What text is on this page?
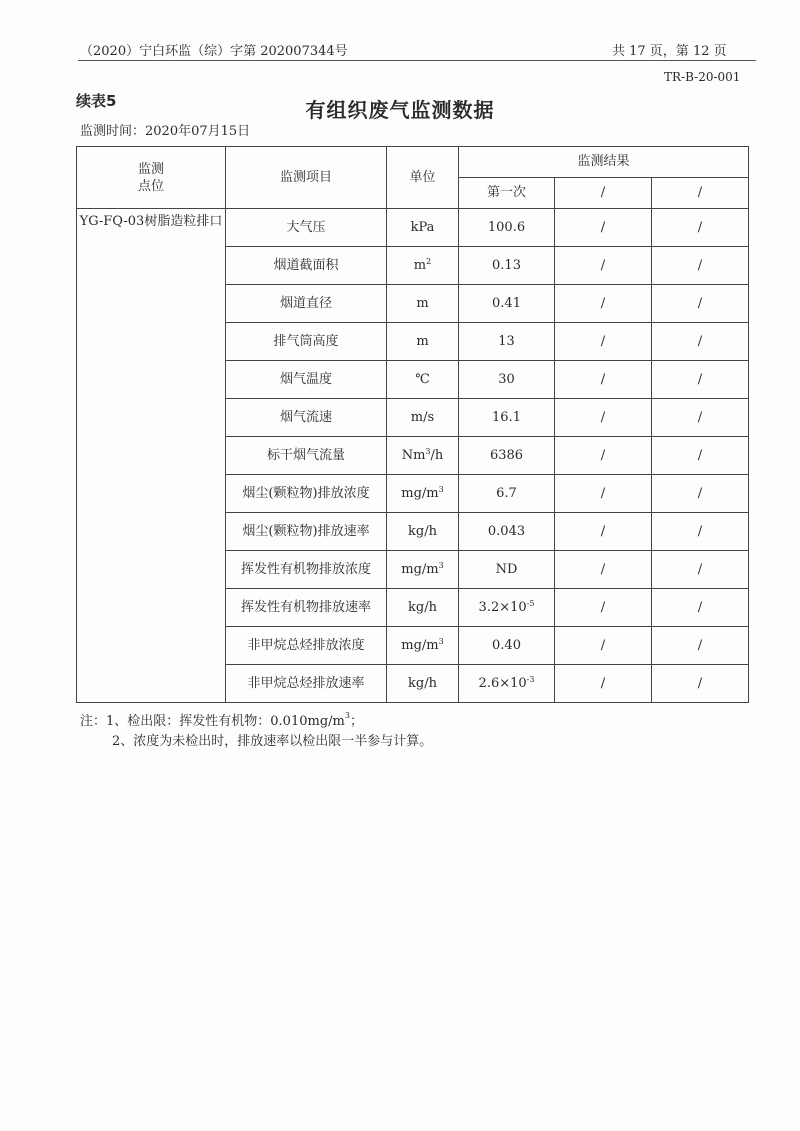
（2020）宁白环监（综）字第 202007344号	共 17 页，第 12 页
TR-B-20-001
续表5	有组织废气监测数据
监测时间：2020年07月15日
监测
点位	监测项目	单位	监测结果		
			第一次	/	/
YG-FQ-03树脂造粒排口	大气压	kPa	100.6	/	/
	烟道截面积	$m^2$	0.13	/	/
	烟道直径	m	0.41	/	/
	排气筒高度	m	13	/	/
	烟气温度	℃	30	/	/
	烟气流速	m/s	16.1	/	/
	标干烟气流量	Nm$^3$/h	6386	/	/
	烟尘(颗粒物)排放浓度	$mg/m^3$	6.7	/	/
	烟尘(颗粒物)排放速率	kg/h	0.043	/	/
	挥发性有机物排放浓度	$mg/m^3$	ND	/	/
	挥发性有机物排放速率	kg/h	$3.2\times 10^{-5}$	/	/
	非甲烷总烃排放浓度	$mg/m^3$	0.40	/	/
	非甲烷总烃排放速率	kg/h	$2.6\times 10^{-3}$	/	/
注：1、检出限：挥发性有机物：$0.010mg/m^3$；
2、浓度为未检出时，排放速率以检出限一半参与计算。
